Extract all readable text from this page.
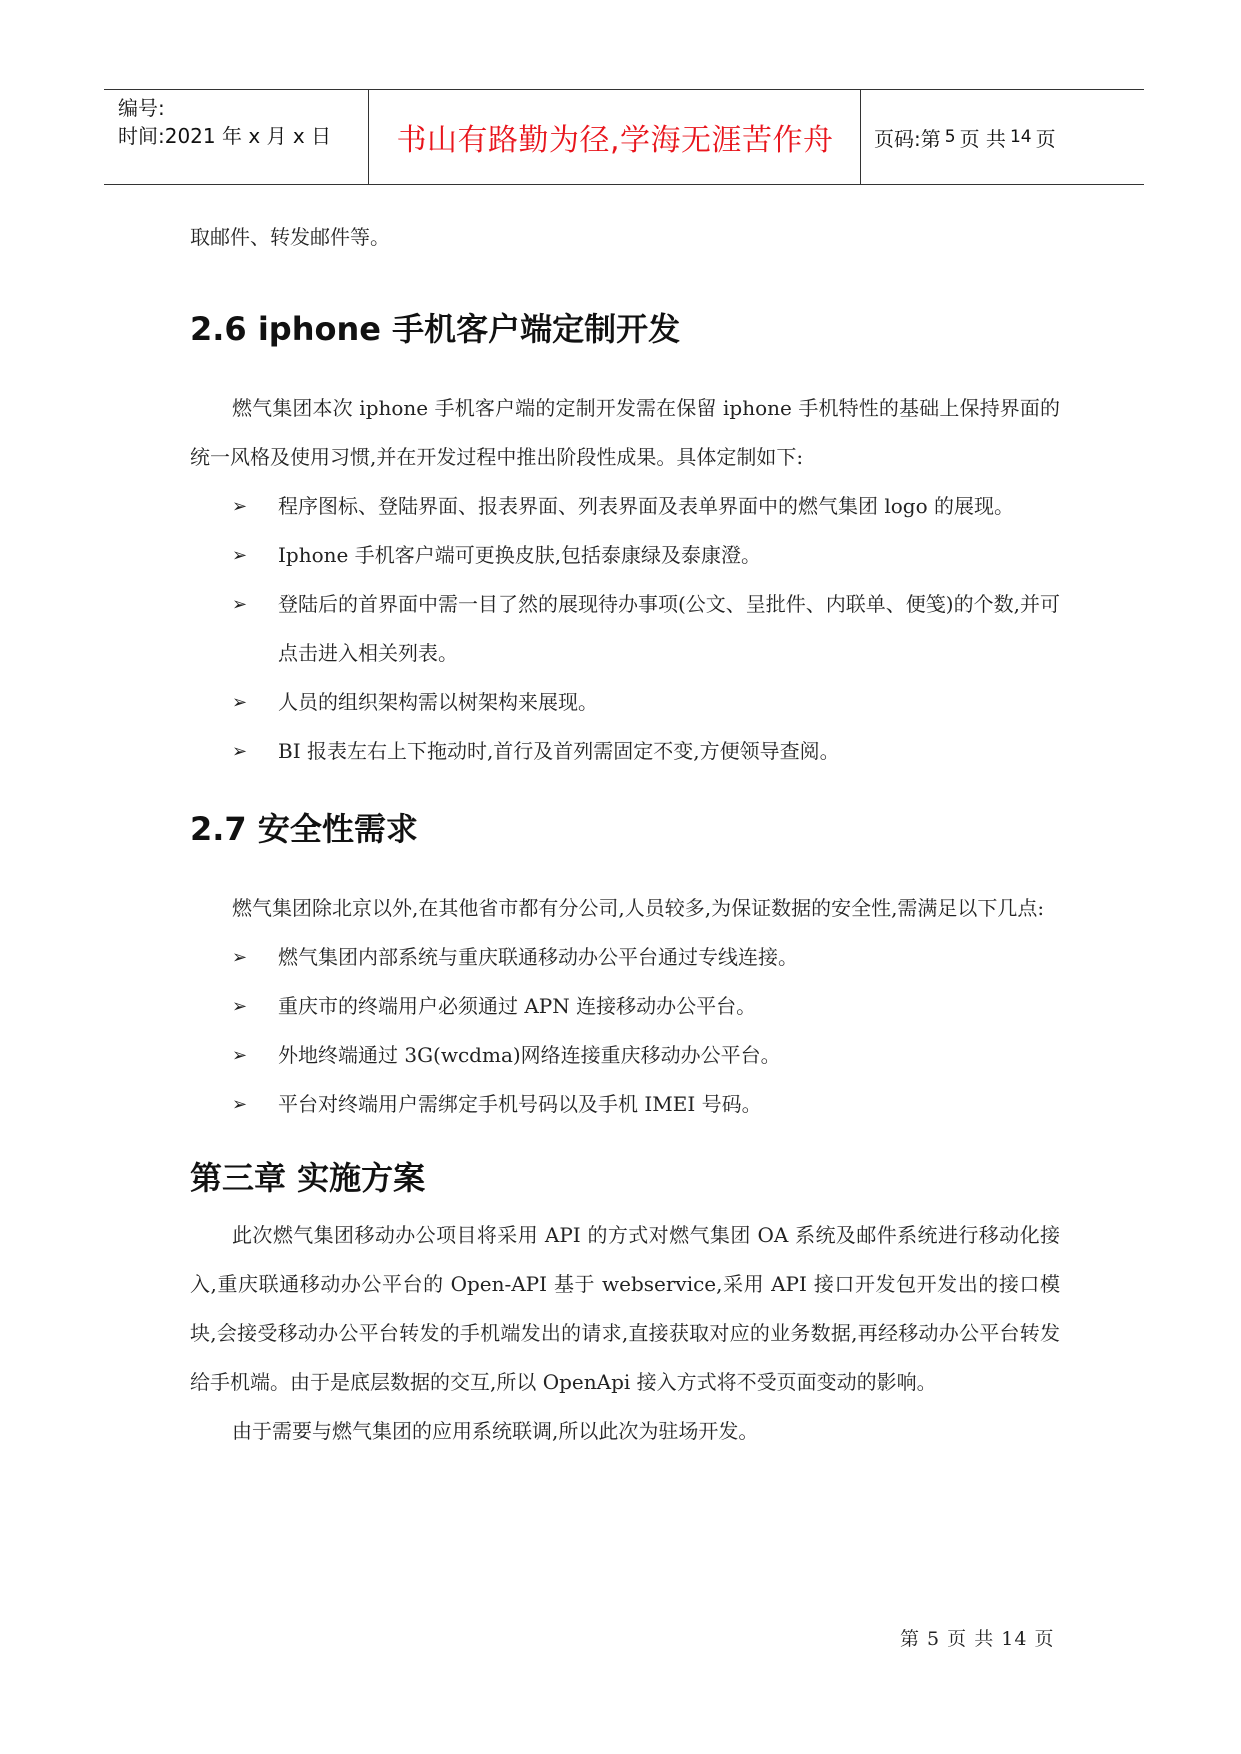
编号:
时间:2021 年 x 月 x 日	书山有路勤为径,学海无涯苦作舟	页码:第 5 页 共 14 页

取邮件、转发邮件等。

2.6 iphone 手机客户端定制开发

燃气集团本次 iphone 手机客户端的定制开发需在保留 iphone 手机特性的基础上保持界面的统一风格及使用习惯,并在开发过程中推出阶段性成果。具体定制如下:

➢ 程序图标、登陆界面、报表界面、列表界面及表单界面中的燃气集团 logo 的展现。
➢ Iphone 手机客户端可更换皮肤,包括泰康绿及泰康澄。
➢ 登陆后的首界面中需一目了然的展现待办事项(公文、呈批件、内联单、便笺)的个数,并可点击进入相关列表。
➢ 人员的组织架构需以树架构来展现。
➢ BI 报表左右上下拖动时,首行及首列需固定不变,方便领导查阅。
2.7 安全性需求

燃气集团除北京以外,在其他省市都有分公司,人员较多,为保证数据的安全性,需满足以下几点:

➢ 燃气集团内部系统与重庆联通移动办公平台通过专线连接。
➢ 重庆市的终端用户必须通过 APN 连接移动办公平台。
➢ 外地终端通过 3G(wcdma)网络连接重庆移动办公平台。
➢ 平台对终端用户需绑定手机号码以及手机 IMEI 号码。
第三章 实施方案

此次燃气集团移动办公项目将采用 API 的方式对燃气集团 OA 系统及邮件系统进行移动化接入,重庆联通移动办公平台的 Open-API 基于 webservice,采用 API 接口开发包开发出的接口模块,会接受移动办公平台转发的手机端发出的请求,直接获取对应的业务数据,再经移动办公平台转发给手机端。由于是底层数据的交互,所以 OpenApi 接入方式将不受页面变动的影响。

由于需要与燃气集团的应用系统联调,所以此次为驻场开发。

第 5 页 共 14 页
